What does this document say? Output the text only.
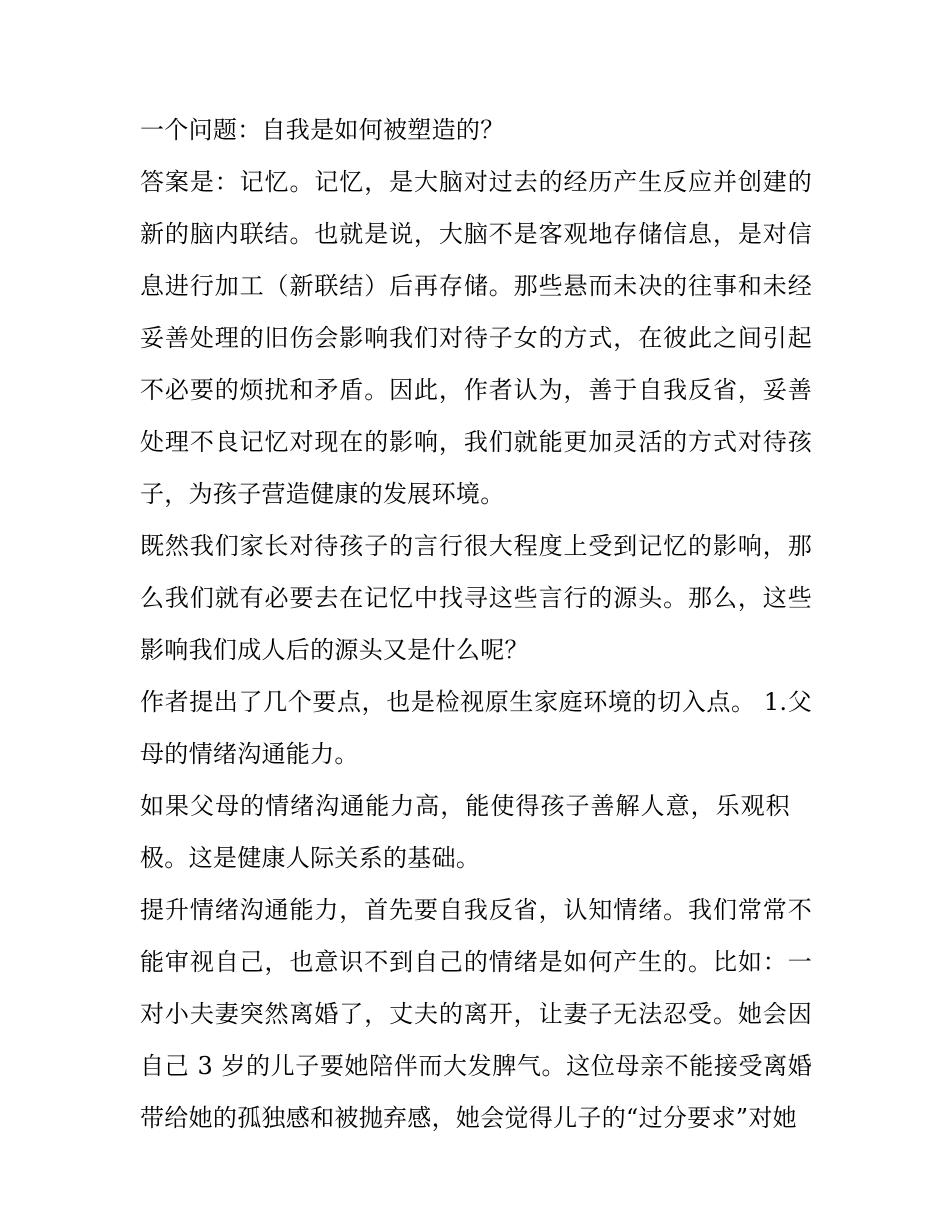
一个问题：自我是如何被塑造的？

答案是：记忆。记忆，是大脑对过去的经历产生反应并创建的新的脑内联结。也就是说，大脑不是客观地存储信息，是对信息进行加工（新联结）后再存储。那些悬而未决的往事和未经妥善处理的旧伤会影响我们对待子女的方式，在彼此之间引起不必要的烦扰和矛盾。因此，作者认为，善于自我反省，妥善处理不良记忆对现在的影响，我们就能更加灵活的方式对待孩子，为孩子营造健康的发展环境。

既然我们家长对待孩子的言行很大程度上受到记忆的影响，那么我们就有必要去在记忆中找寻这些言行的源头。那么，这些影响我们成人后的源头又是什么呢？

作者提出了几个要点，也是检视原生家庭环境的切入点。 1.父母的情绪沟通能力。

如果父母的情绪沟通能力高，能使得孩子善解人意，乐观积极。这是健康人际关系的基础。

提升情绪沟通能力，首先要自我反省，认知情绪。我们常常不能审视自己，也意识不到自己的情绪是如何产生的。比如：一对小夫妻突然离婚了，丈夫的离开，让妻子无法忍受。她会因自己 3 岁的儿子要她陪伴而大发脾气。这位母亲不能接受离婚带给她的孤独感和被抛弃感，她会觉得儿子的“过分要求”对她
